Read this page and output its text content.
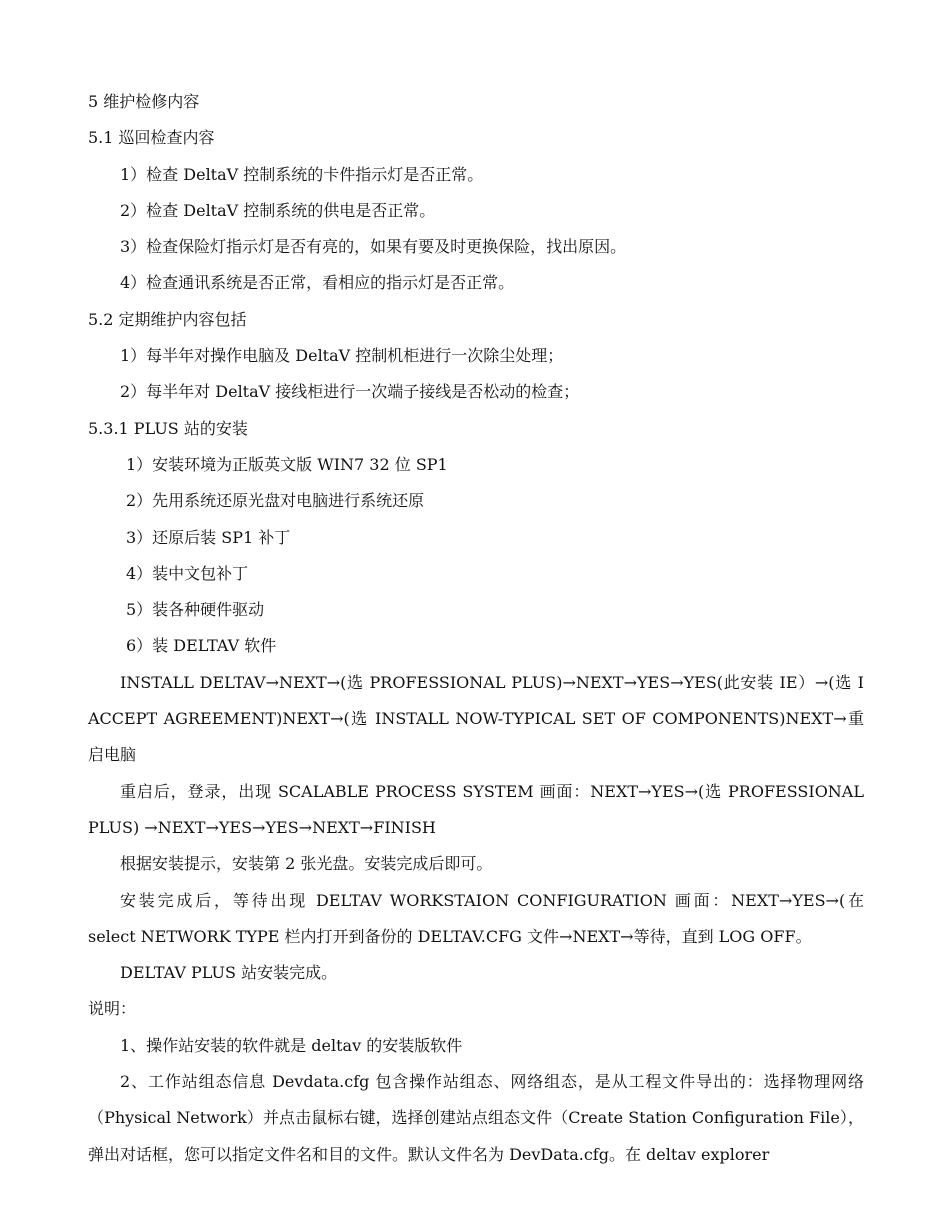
5 维护检修内容
5.1 巡回检查内容
1）检查 DeltaV 控制系统的卡件指示灯是否正常。
2）检查 DeltaV 控制系统的供电是否正常。
3）检查保险灯指示灯是否有亮的，如果有要及时更换保险，找出原因。
4）检查通讯系统是否正常，看相应的指示灯是否正常。
5.2 定期维护内容包括
1）每半年对操作电脑及 DeltaV 控制机柜进行一次除尘处理；
2）每半年对 DeltaV 接线柜进行一次端子接线是否松动的检查；
5.3.1 PLUS 站的安装
1）安装环境为正版英文版 WIN7 32 位 SP1
2）先用系统还原光盘对电脑进行系统还原
3）还原后装 SP1 补丁
4）装中文包补丁
5）装各种硬件驱动
6）装 DELTAV 软件

INSTALL DELTAV→NEXT→(选 PROFESSIONAL PLUS)→NEXT→YES→YES(此安装 IE）→(选 I ACCEPT AGREEMENT)NEXT→(选 INSTALL NOW-TYPICAL SET OF COMPONENTS)NEXT→重启电脑

重启后，登录，出现 SCALABLE PROCESS SYSTEM 画面：NEXT→YES→(选 PROFESSIONAL PLUS) →NEXT→YES→YES→NEXT→FINISH

根据安装提示，安装第 2 张光盘。安装完成后即可。

安装完成后，等待出现 DELTAV WORKSTAION CONFIGURATION 画面：NEXT→YES→(在 select NETWORK TYPE 栏内打开到备份的 DELTAV.CFG 文件→NEXT→等待，直到 LOG OFF。

DELTAV PLUS 站安装完成。

说明：

1、操作站安装的软件就是 deltav 的安装版软件

2、工作站组态信息 Devdata.cfg 包含操作站组态、网络组态，是从工程文件导出的：选择物理网络（Physical Network）并点击鼠标右键，选择创建站点组态文件（Create Station Configuration File），弹出对话框，您可以指定文件名和目的文件。默认文件名为 DevData.cfg。在 deltav explorer
